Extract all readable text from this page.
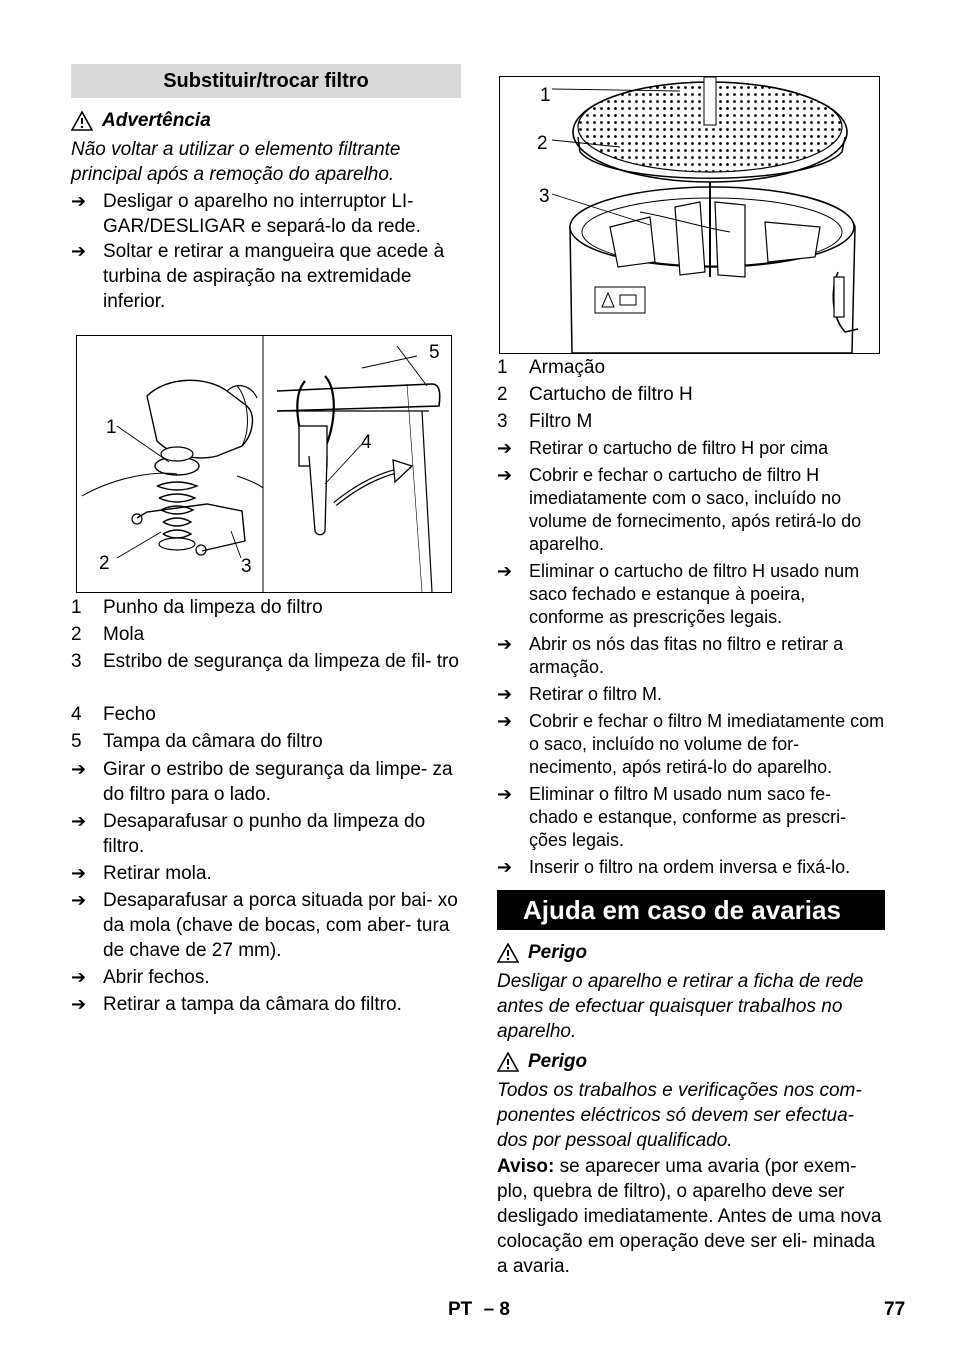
Substituir/trocar filtro
Advertência
Não voltar a utilizar o elemento filtrante principal após a remoção do aparelho.
➔ Desligar o aparelho no interruptor LI- GAR/DESLIGAR e separá-lo da rede.
➔ Soltar e retirar a mangueira que acede à turbina de aspiração na extremidade inferior.
1
2	3
4
5
1	Punho da limpeza do filtro
2	Mola
3	Estribo de segurança da limpeza de fil- tro
4	Fecho
5	Tampa da câmara do filtro
➔ Girar o estribo de segurança da limpe- za do filtro para o lado.
➔ Desaparafusar o punho da limpeza do filtro.
➔ Retirar mola.
➔ Desaparafusar a porca situada por bai- xo da mola (chave de bocas, com aber- tura de chave de 27 mm).
➔ Abrir fechos.
➔ Retirar a tampa da câmara do filtro.
1
2
3
1	Armação
2	Cartucho de filtro H
3	Filtro M
➔ Retirar o cartucho de filtro H por cima
➔ Cobrir e fechar o cartucho de filtro H imediatamente com o saco, incluído no volume de fornecimento, após retirá-lo do aparelho.
➔ Eliminar o cartucho de filtro H usado num saco fechado e estanque à poeira, conforme as prescrições legais.
➔ Abrir os nós das fitas no filtro e retirar a armação.
➔ Retirar o filtro M.
➔ Cobrir e fechar o filtro M imediatamente com o saco, incluído no volume de for- necimento, após retirá-lo do aparelho.
➔ Eliminar o filtro M usado num saco fe- chado e estanque, conforme as prescri- ções legais.
➔ Inserir o filtro na ordem inversa e fixá-lo.
Ajuda em caso de avarias
Perigo
Desligar o aparelho e retirar a ficha de rede antes de efectuar quaisquer trabalhos no aparelho.
Perigo
Todos os trabalhos e verificações nos com- ponentes eléctricos só devem ser efectua- dos por pessoal qualificado.
Aviso: se aparecer uma avaria (por exem- plo, quebra de filtro), o aparelho deve ser desligado imediatamente. Antes de uma nova colocação em operação deve ser eli- minada a avaria.
PT – 8	77
